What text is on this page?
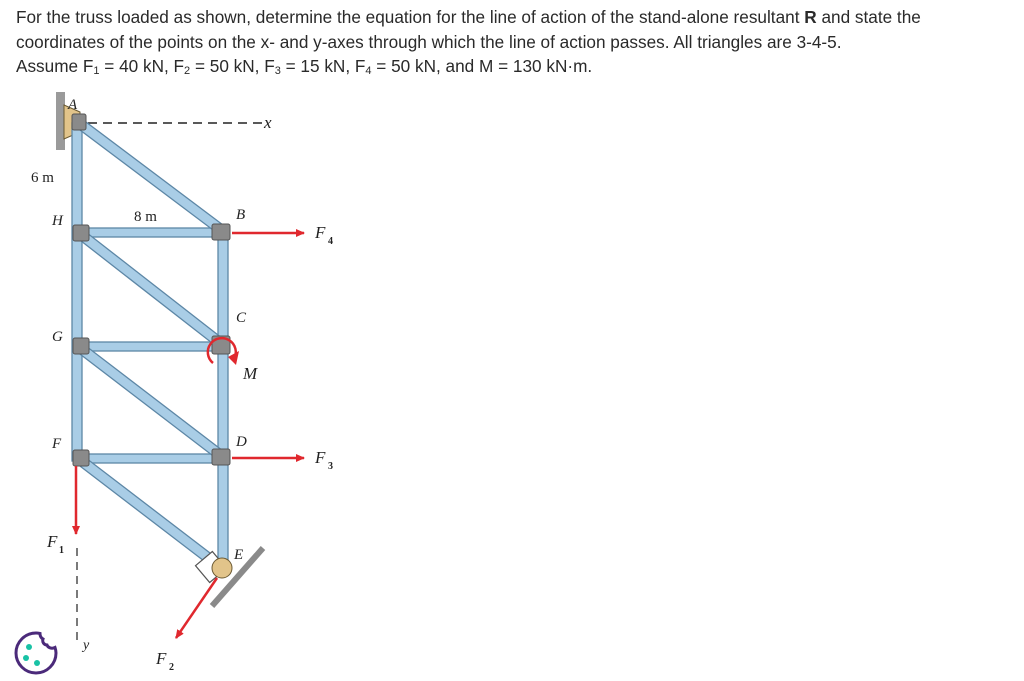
For the truss loaded as shown, determine the equation for the line of action of the stand-alone resultant R and state the

coordinates of the points on the x- and y-axes through which the line of action passes. All triangles are 3-4-5.

Assume $F_1 = 40$ kN, $F_2 = 50$ kN, $F_3 = 15$ kN, $F_4 = 50$ kN, and M = 130 kN·m.

x
y
A
H
G
F
B
C
D
E
6 m
8 m
F 4
F 3
F 1
F 2
M
